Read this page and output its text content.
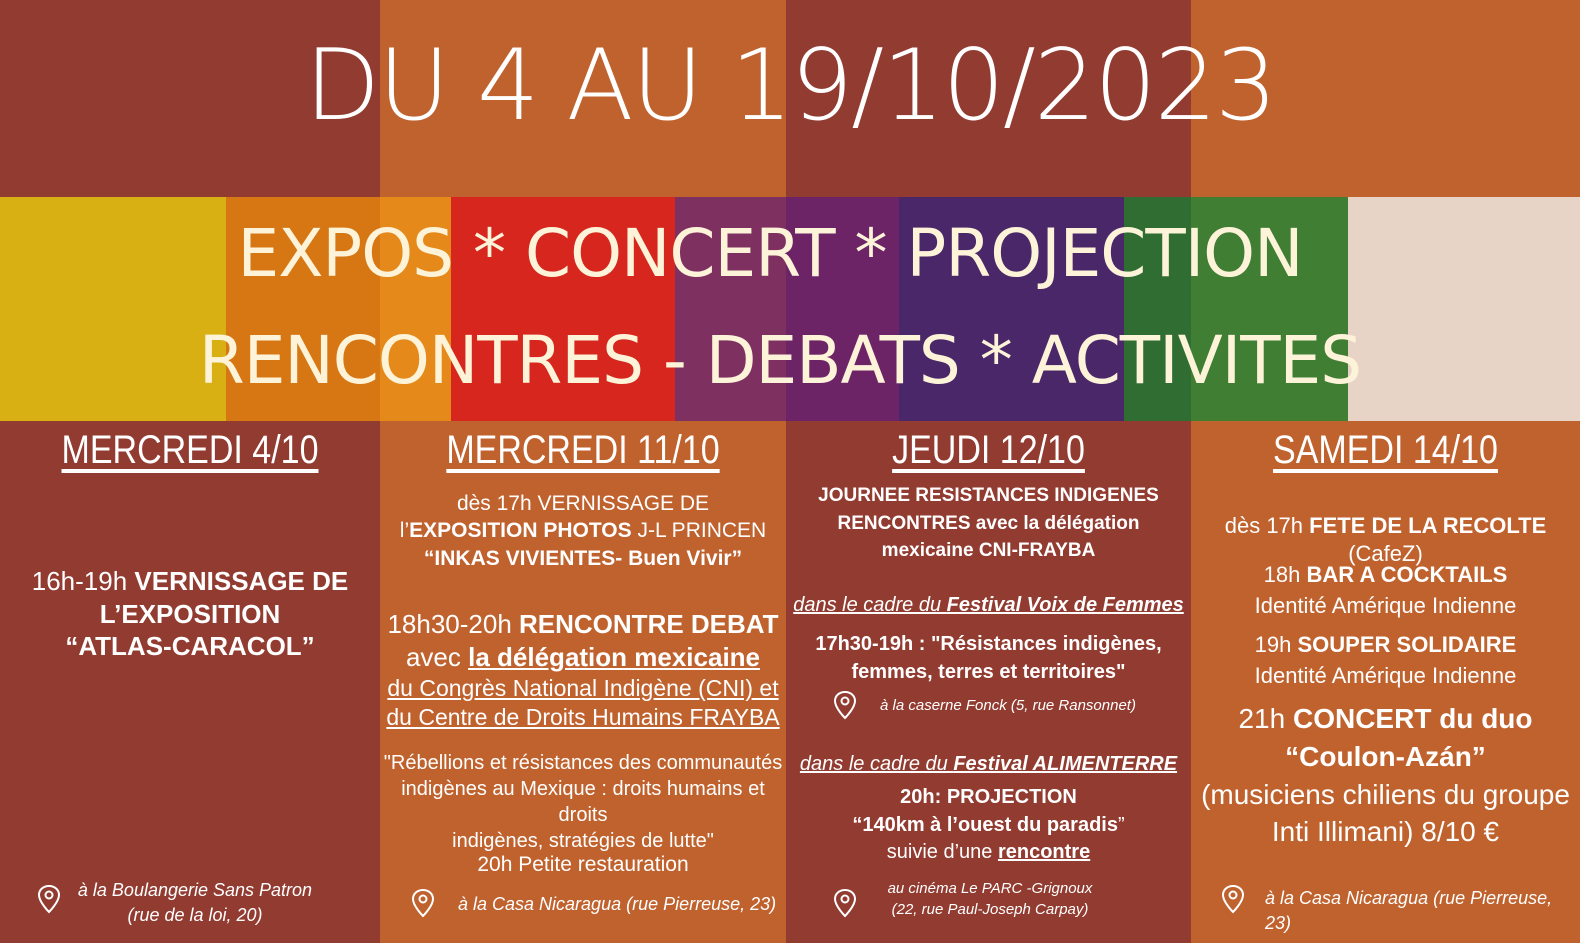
DU 4 AU 19/10/2023
EXPOS * CONCERT * PROJECTION
RENCONTRES - DEBATS * ACTIVITES
MERCREDI 4/10
16h-19h VERNISSAGE DE
L’EXPOSITION
“ATLAS-CARACOL”
à la Boulangerie Sans Patron
(rue de la loi, 20)
MERCREDI 11/10
dès 17h VERNISSAGE DE
l’EXPOSITION PHOTOS J-L PRINCEN
“INKAS VIVIENTES- Buen Vivir”
18h30-20h RENCONTRE DEBAT
avec la délégation mexicaine
du Congrès National Indigène (CNI) et
du Centre de Droits Humains FRAYBA
"Rébellions et résistances des communautés
indigènes au Mexique : droits humains et droits
indigènes, stratégies de lutte"
20h Petite restauration
à la Casa Nicaragua (rue Pierreuse, 23)
JEUDI 12/10
JOURNEE RESISTANCES INDIGENES
RENCONTRES avec la délégation
mexicaine CNI-FRAYBA
dans le cadre du Festival Voix de Femmes
17h30-19h : "Résistances indigènes,
femmes, terres et territoires"
à la caserne Fonck (5, rue Ransonnet)
dans le cadre du Festival ALIMENTERRE
20h: PROJECTION
“140km à l’ouest du paradis”
suivie d’une rencontre
au cinéma Le PARC -Grignoux
(22, rue Paul-Joseph Carpay)
SAMEDI 14/10
dès 17h FETE DE LA RECOLTE (CafeZ)
18h BAR A COCKTAILS
Identité Amérique Indienne
19h SOUPER SOLIDAIRE
Identité Amérique Indienne
21h CONCERT du duo
“Coulon-Azán”
(musiciens chiliens du groupe
Inti Illimani) 8/10 €
à la Casa Nicaragua (rue Pierreuse, 23)
